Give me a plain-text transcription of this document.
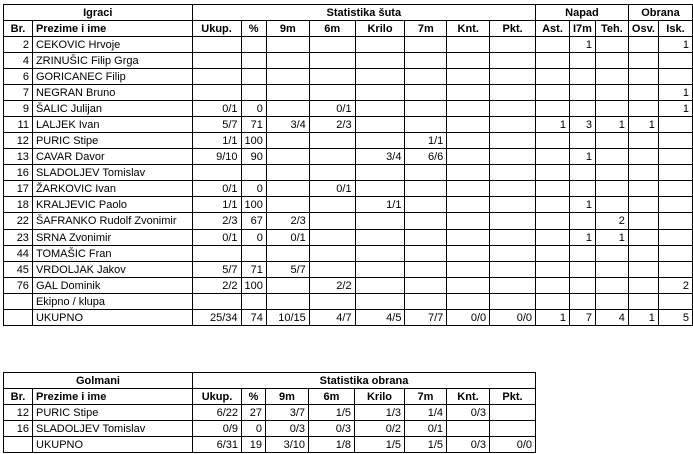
Igraci		Statistika šuta								Napad			Obrana	
Br.	Prezime i ime	Ukup.	%	9m	6m	Krilo	7m	Knt.	Pkt.	Ast.	I7m	Teh.	Osv.	Isk.
2	CEKOVIC Hrvoje										1			1
4	ZRINUŠIC Filip Grga													
6	GORICANEC Filip													
7	NEGRAN Bruno													1
9	ŠALIC Julijan	0/1	0		0/1									1
11	LALJEK Ivan	5/7	71	3/4	2/3					1	3	1	1	
12	PURIC Stipe	1/1	100				1/1							
13	CAVAR Davor	9/10	90			3/4	6/6				1			
16	SLADOLJEV Tomislav													
17	ŽARKOVIC Ivan	0/1	0		0/1									
18	KRALJEVIC Paolo	1/1	100			1/1					1			
22	ŠAFRANKO Rudolf Zvonimir	2/3	67	2/3								2		
23	SRNA Zvonimir	0/1	0	0/1							1	1		
44	TOMAŠIC Fran													
45	VRDOLJAK Jakov	5/7	71	5/7										
76	GAL Dominik	2/2	100		2/2									2
	Ekipno / klupa													
	UKUPNO	25/34	74	10/15	4/7	4/5	7/7	0/0	0/0	1	7	4	1	5
Golmani		Statistika obrana							
Br.	Prezime i ime	Ukup.	%	9m	6m	Krilo	7m	Knt.	Pkt.
12	PURIC Stipe	6/22	27	3/7	1/5	1/3	1/4	0/3	
16	SLADOLJEV Tomislav	0/9	0	0/3	0/3	0/2	0/1		
	UKUPNO	6/31	19	3/10	1/8	1/5	1/5	0/3	0/0
